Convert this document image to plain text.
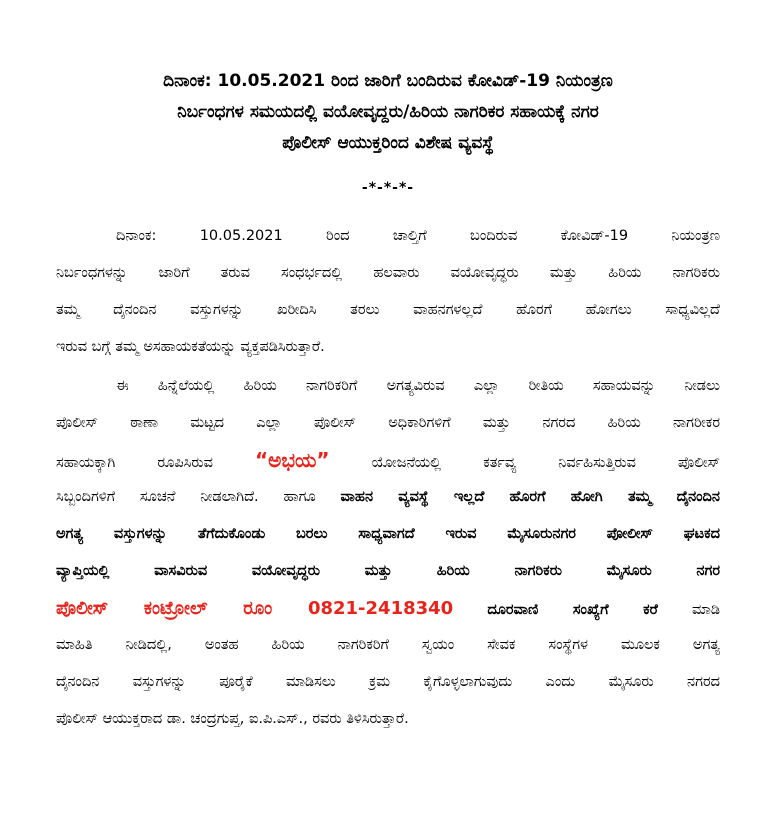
ದಿನಾಂಕ: 10.05.2021 ರಿಂದ ಜಾರಿಗೆ ಬಂದಿರುವ ಕೋವಿಡ್-19 ನಿಯಂತ್ರಣ
ನಿರ್ಬಂಧಗಳ ಸಮಯದಲ್ಲಿ ವಯೋವೃದ್ದರು/ಹಿರಿಯ ನಾಗರಿಕರ ಸಹಾಯಕ್ಕೆ ನಗರ
ಪೊಲೀಸ್ ಆಯುಕ್ತರಿಂದ ವಿಶೇಷ ವ್ಯವಸ್ಥೆ
-*-*-*-
ದಿನಾಂಕ: 10.05.2021 ರಿಂದ ಚಾಲ್ತಿಗೆ ಬಂದಿರುವ ಕೋವಿಡ್-19 ನಿಯಂತ್ರಣ
ನಿರ್ಬಂಧಗಳನ್ನು ಜಾರಿಗೆ ತರುವ ಸಂಧರ್ಭದಲ್ಲಿ ಹಲವಾರು ವಯೋವೃದ್ಧರು ಮತ್ತು ಹಿರಿಯ ನಾಗರಿಕರು
ತಮ್ಮ ದೈನಂದಿನ ವಸ್ತುಗಳನ್ನು ಖರೀದಿಸಿ ತರಲು ವಾಹನಗಳಲ್ಲದೆ ಹೊರಗೆ ಹೋಗಲು ಸಾಧ್ಯವಿಲ್ಲದೆ
ಇರುವ ಬಗ್ಗೆ ತಮ್ಮ ಅಸಹಾಯಕತೆಯನ್ನು ವ್ಯಕ್ತಪಡಿಸಿರುತ್ತಾರೆ.
ಈ ಹಿನ್ನೆಲೆಯಲ್ಲಿ ಹಿರಿಯ ನಾಗರಿಕರಿಗೆ ಅಗತ್ಯವಿರುವ ಎಲ್ಲಾ ರೀತಿಯ ಸಹಾಯವನ್ನು ನೀಡಲು
ಪೊಲೀಸ್ ಠಾಣಾ ಮಟ್ಟದ ಎಲ್ಲಾ ಪೊಲೀಸ್ ಅಧಿಕಾರಿಗಳಿಗೆ ಮತ್ತು ನಗರದ ಹಿರಿಯ ನಾಗರೀಕರ
ಸಹಾಯಕ್ಕಾಗಿ ರೂಪಿಸಿರುವ “ಅಭಯ”	ಯೋಜನೆಯಲ್ಲಿ ಕರ್ತವ್ಯ ನಿರ್ವಹಿಸುತ್ತಿರುವ ಪೊಲೀಸ್
ಸಿಬ್ಬಂದಿಗಳಿಗೆ ಸೂಚನೆ ನೀಡಲಾಗಿದೆ. ಹಾಗೂ ವಾಹನ ವ್ಯವಸ್ಥೆ ಇಲ್ಲದೆ ಹೊರಗೆ ಹೋಗಿ ತಮ್ಮ ದೈನಂದಿನ
ಅಗತ್ಯ ವಸ್ತುಗಳನ್ನು ತೆಗೆದುಕೊಂಡು ಬರಲು ಸಾಧ್ಯವಾಗದೆ ಇರುವ ಮೈಸೂರುನಗರ ಪೋಲೀಸ್ ಘಟಕದ
ವ್ಯಾಪ್ತಿಯಲ್ಲಿ ವಾಸವಿರುವ ವಯೋವೃದ್ಧರು ಮತ್ತು ಹಿರಿಯ ನಾಗರಿಕರು ಮೈಸೂರು ನಗರ
ಪೊಲೀಸ್ ಕಂಟ್ರೋಲ್ ರೂಂ 0821-2418340 ದೂರವಾಣಿ ಸಂಖ್ಯೆಗೆ ಕರೆ ಮಾಡಿ
ಮಾಹಿತಿ ನೀಡಿದಲ್ಲಿ, ಅಂತಹ ಹಿರಿಯ ನಾಗರಿಕರಿಗೆ ಸ್ವಯಂ ಸೇವಕ ಸಂಸ್ಥೆಗಳ ಮೂಲಕ ಅಗತ್ಯ
ದೈನಂದಿನ ವಸ್ತುಗಳನ್ನು ಪೂರೈಕೆ ಮಾಡಿಸಲು ಕ್ರಮ ಕೈಗೊಳ್ಳಲಾಗುವುದು ಎಂದು ಮೈಸೂರು ನಗರದ
ಪೊಲೀಸ್ ಆಯುಕ್ತರಾದ ಡಾ. ಚಂದ್ರಗುಪ್ತ, ಐ.ಪಿ.ಎಸ್., ರವರು ತಿಳಿಸಿರುತ್ತಾರೆ.
